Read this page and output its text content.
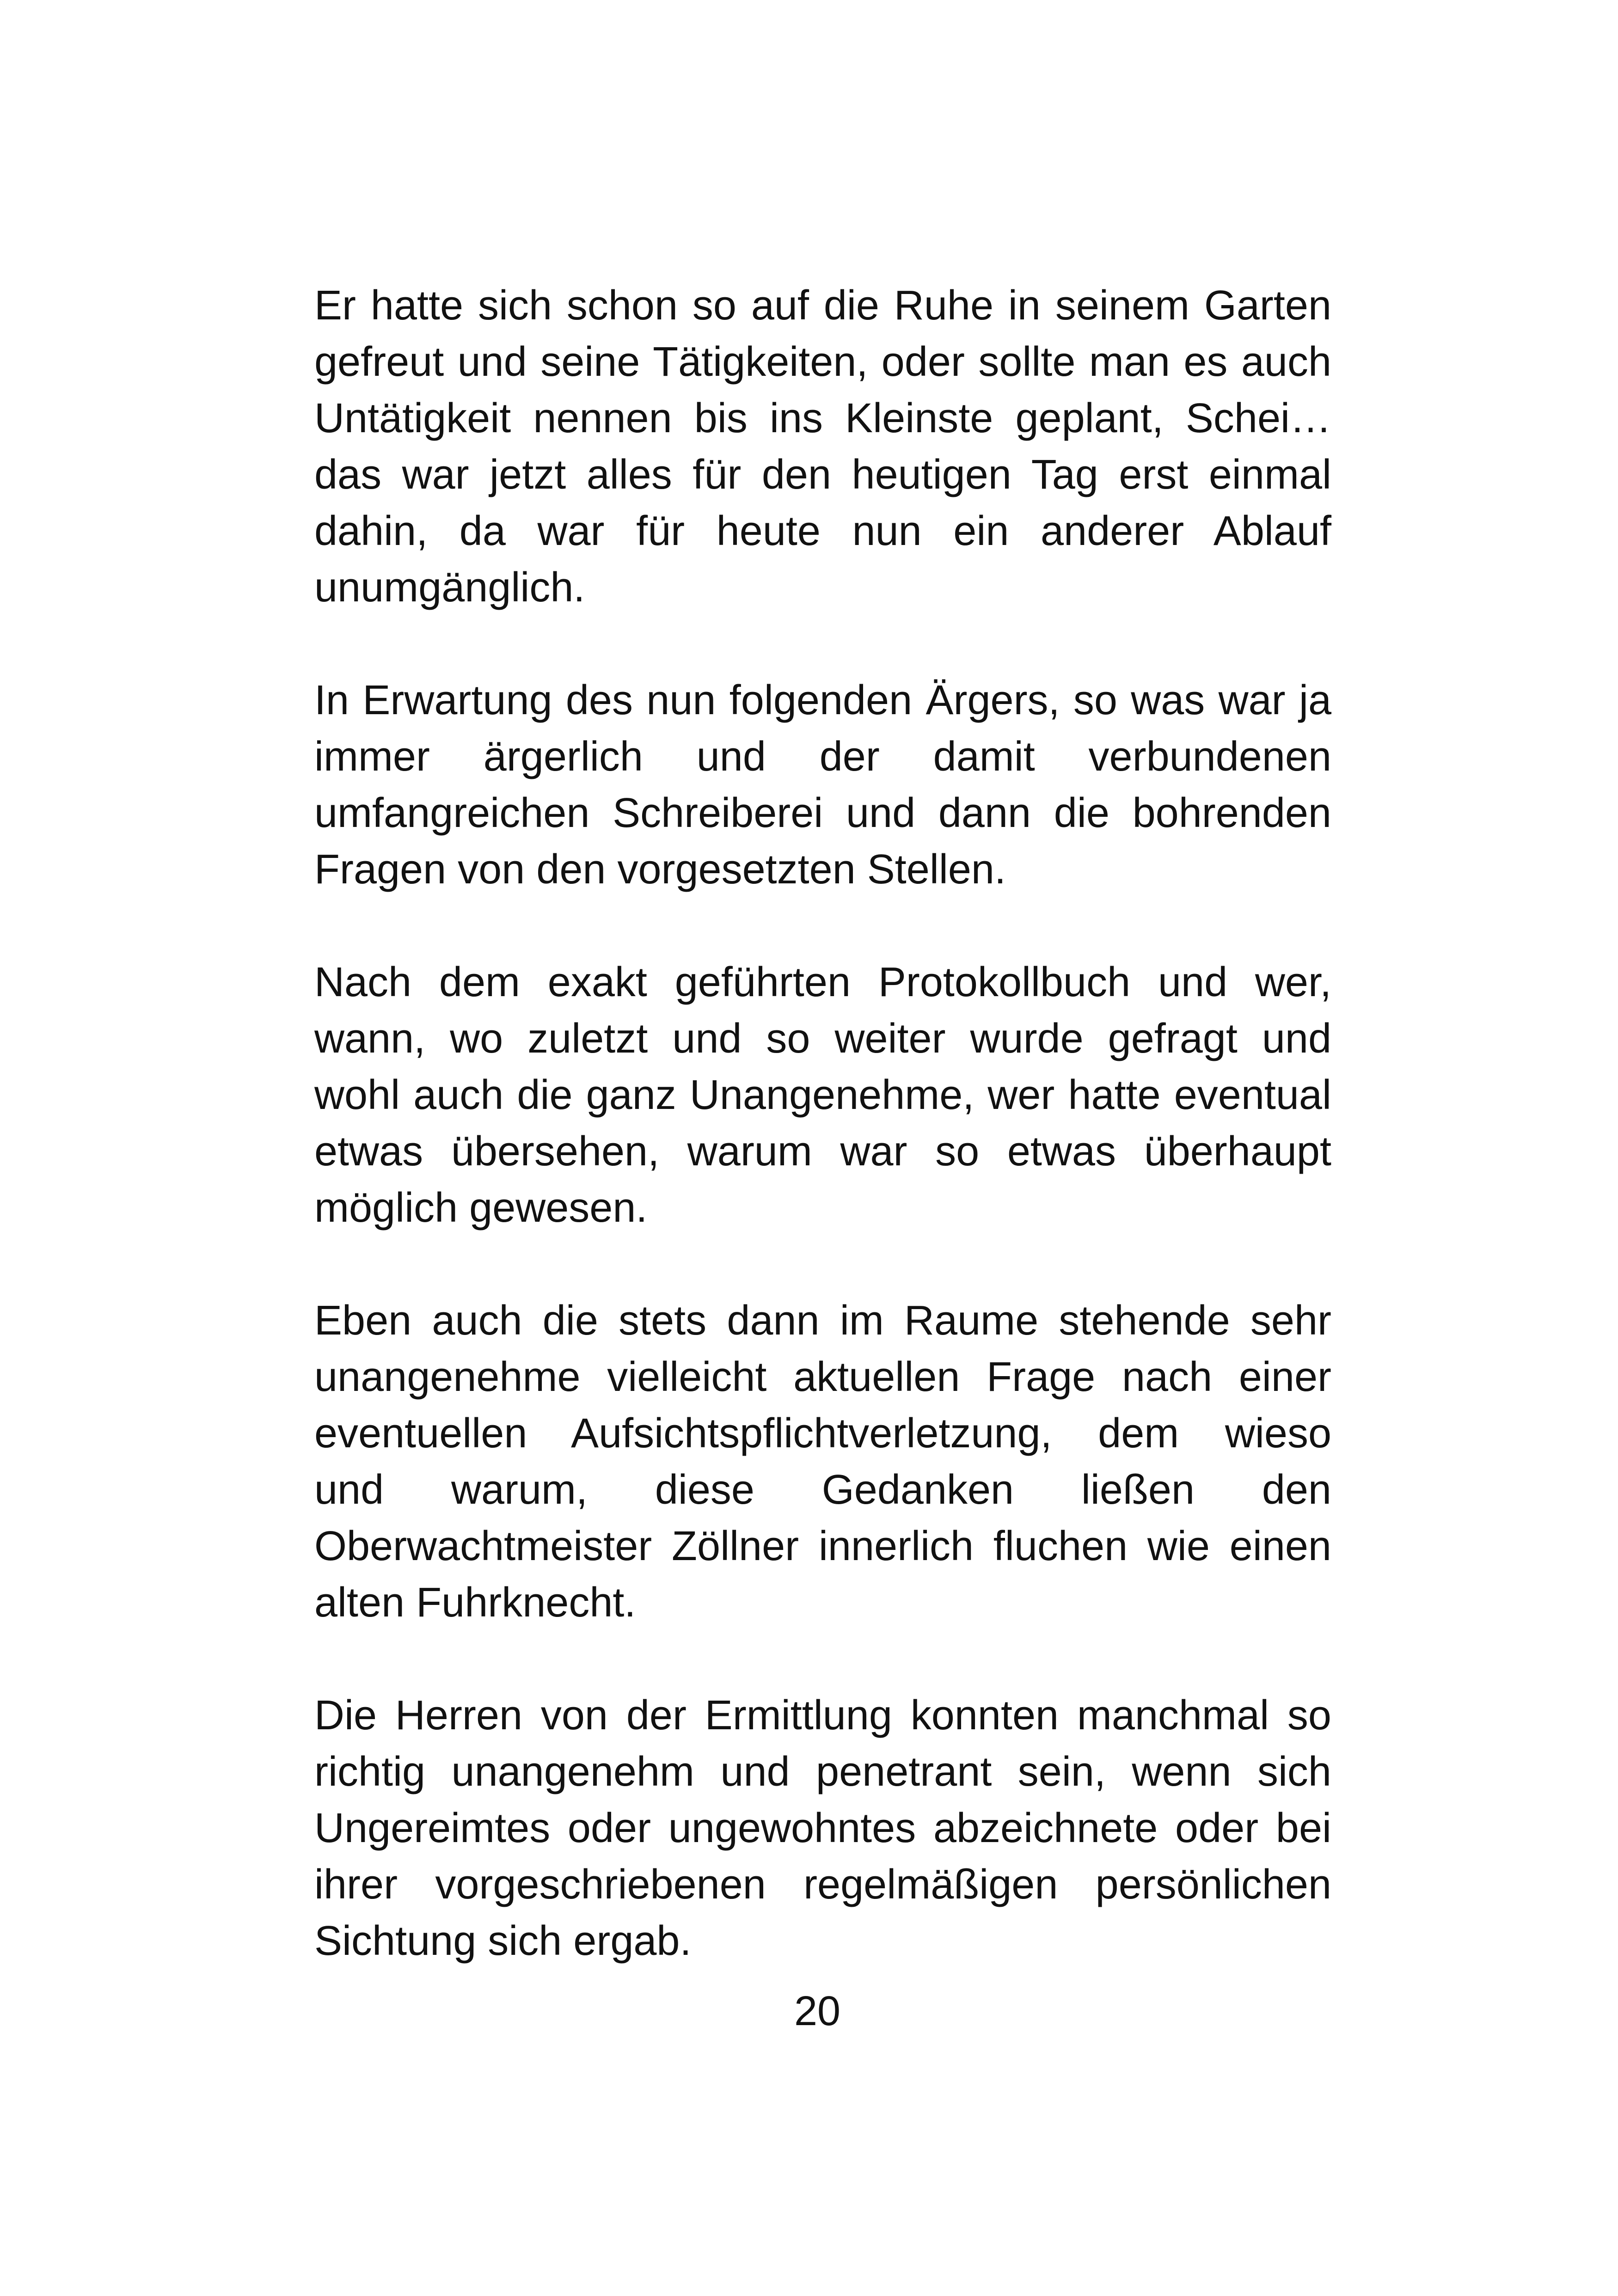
Er hatte sich schon so auf die Ruhe in seinem Garten
gefreut und seine Tätigkeiten, oder sollte man es auch
Untätigkeit nennen bis ins Kleinste geplant, Schei…
das war jetzt alles für den heutigen Tag erst einmal
dahin, da war für heute nun ein anderer Ablauf
unumgänglich.

In Erwartung des nun folgenden Ärgers, so was war ja
immer ärgerlich und der damit verbundenen
umfangreichen Schreiberei und dann die bohrenden
Fragen von den vorgesetzten Stellen.

Nach dem exakt geführten Protokollbuch und wer,
wann, wo zuletzt und so weiter wurde gefragt und
wohl auch die ganz Unangenehme, wer hatte eventual
etwas übersehen, warum war so etwas überhaupt
möglich gewesen.

Eben auch die stets dann im Raume stehende sehr
unangenehme vielleicht aktuellen Frage nach einer
eventuellen Aufsichtspflichtverletzung, dem wieso
und warum, diese Gedanken ließen den
Oberwachtmeister Zöllner innerlich fluchen wie einen
alten Fuhrknecht.

Die Herren von der Ermittlung konnten manchmal so
richtig unangenehm und penetrant sein, wenn sich
Ungereimtes oder ungewohntes abzeichnete oder bei
ihrer vorgeschriebenen regelmäßigen persönlichen
Sichtung sich ergab.

20
